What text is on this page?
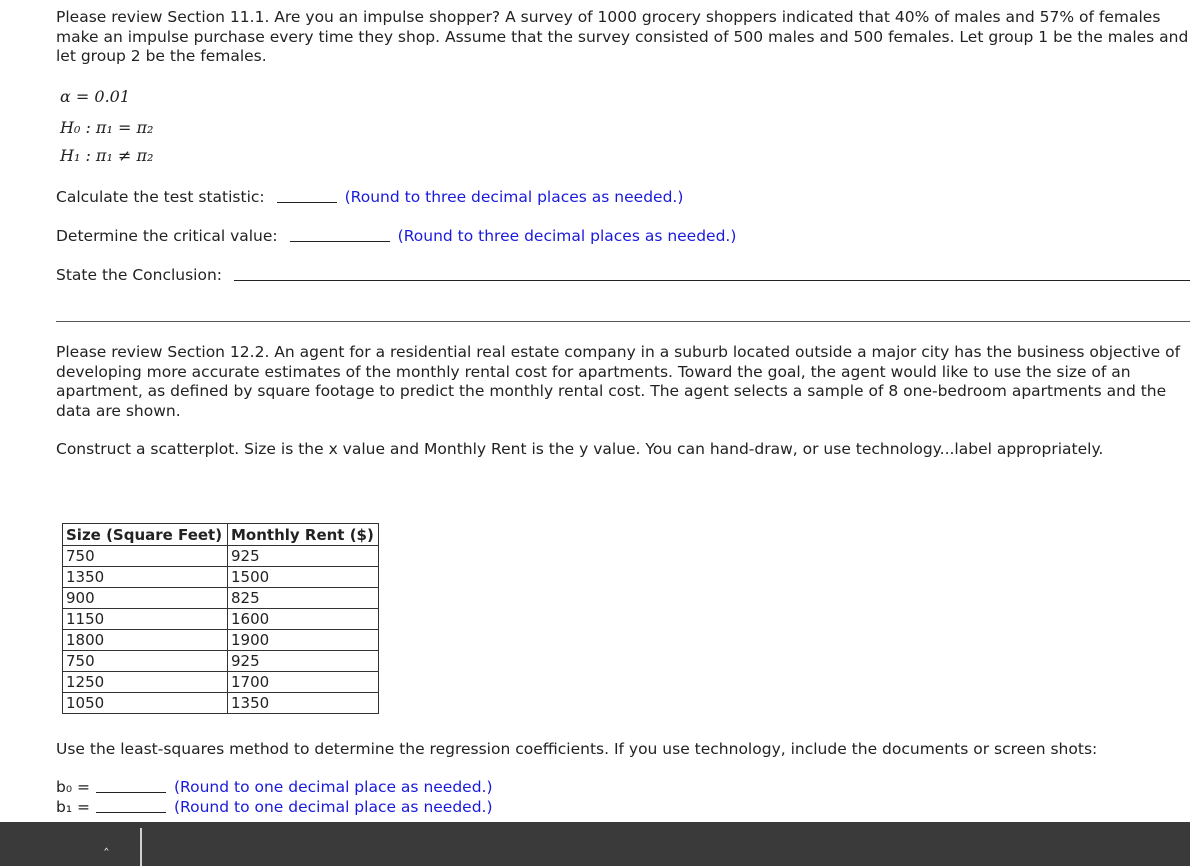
Please review Section 11.1. Are you an impulse shopper? A survey of 1000 grocery shoppers indicated that 40% of males and 57% of females make an impulse purchase every time they shop. Assume that the survey consisted of 500 males and 500 females. Let group 1 be the males and let group 2 be the females.
α = 0.01
H₀ : π₁ = π₂
H₁ : π₁ ≠ π₂
Calculate the test statistic:	(Round to three decimal places as needed.)
Determine the critical value:	(Round to three decimal places as needed.)
State the Conclusion:
Please review Section 12.2. An agent for a residential real estate company in a suburb located outside a major city has the business objective of developing more accurate estimates of the monthly rental cost for apartments. Toward the goal, the agent would like to use the size of an apartment, as defined by square footage to predict the monthly rental cost. The agent selects a sample of 8 one-bedroom apartments and the data are shown.
Construct a scatterplot. Size is the x value and Monthly Rent is the y value. You can hand-draw, or use technology...label appropriately.
Size (Square Feet)	Monthly Rent ($)
750	925
1350	1500
900	825
1150	1600
1800	1900
750	925
1250	1700
1050	1350
Use the least-squares method to determine the regression coefficients. If you use technology, include the documents or screen shots:
b₀ =	(Round to one decimal place as needed.)
b₁ =	(Round to one decimal place as needed.)
‸
